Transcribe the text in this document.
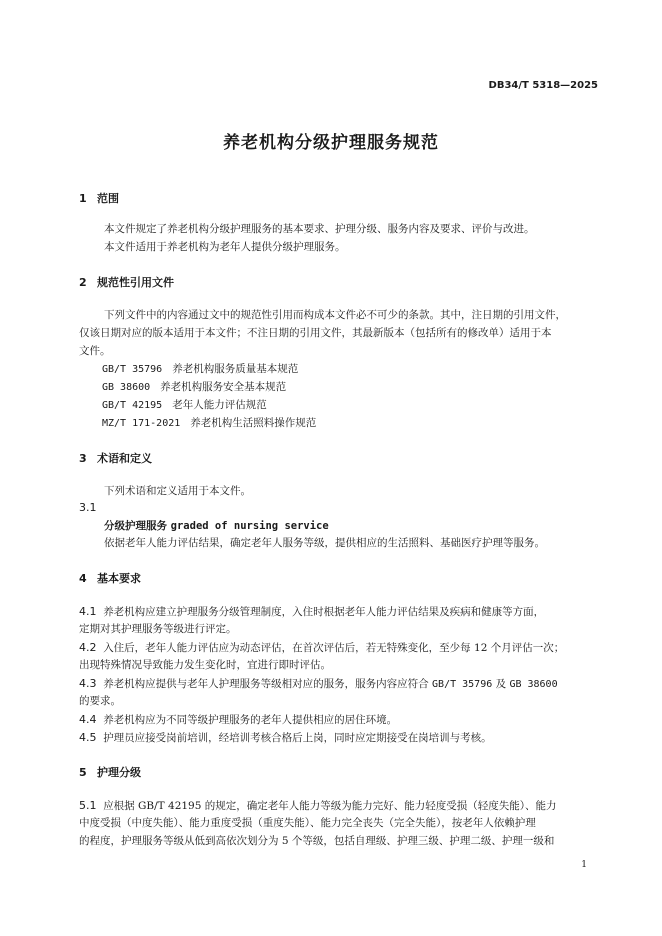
DB34/T 5318—2025
养老机构分级护理服务规范
1 范围
本文件规定了养老机构分级护理服务的基本要求、护理分级、服务内容及要求、评价与改进。
本文件适用于养老机构为老年人提供分级护理服务。
2 规范性引用文件
下列文件中的内容通过文中的规范性引用而构成本文件必不可少的条款。其中，注日期的引用文件，
仅该日期对应的版本适用于本文件；不注日期的引用文件，其最新版本（包括所有的修改单）适用于本
文件。
GB/T 35796 养老机构服务质量基本规范
GB 38600 养老机构服务安全基本规范
GB/T 42195 老年人能力评估规范
MZ/T 171-2021 养老机构生活照料操作规范
3 术语和定义
下列术语和定义适用于本文件。
3.1
分级护理服务 graded of nursing service
依据老年人能力评估结果，确定老年人服务等级，提供相应的生活照料、基础医疗护理等服务。
4 基本要求
4.1 养老机构应建立护理服务分级管理制度，入住时根据老年人能力评估结果及疾病和健康等方面，
定期对其护理服务等级进行评定。
4.2 入住后，老年人能力评估应为动态评估，在首次评估后，若无特殊变化，至少每 12 个月评估一次；
出现特殊情况导致能力发生变化时，宜进行即时评估。
4.3 养老机构应提供与老年人护理服务等级相对应的服务，服务内容应符合 GB/T 35796 及 GB 38600
的要求。
4.4 养老机构应为不同等级护理服务的老年人提供相应的居住环境。
4.5 护理员应接受岗前培训，经培训考核合格后上岗，同时应定期接受在岗培训与考核。
5 护理分级
5.1 应根据 GB/T 42195 的规定，确定老年人能力等级为能力完好、能力轻度受损（轻度失能）、能力
中度受损（中度失能）、能力重度受损（重度失能）、能力完全丧失（完全失能），按老年人依赖护理
的程度，护理服务等级从低到高依次划分为 5 个等级，包括自理级、护理三级、护理二级、护理一级和
1
